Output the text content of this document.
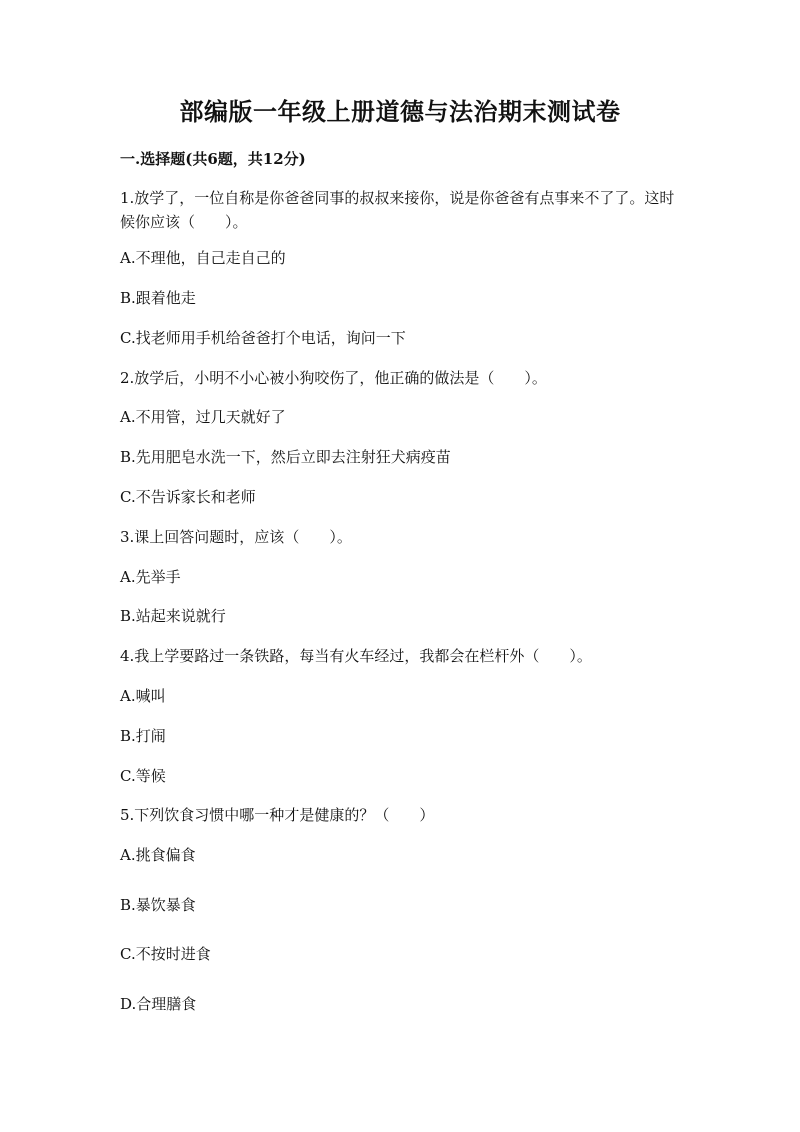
部编版一年级上册道德与法治期末测试卷
一.选择题(共6题，共12分)
1.放学了，一位自称是你爸爸同事的叔叔来接你，说是你爸爸有点事来不了了。这时候你应该（　　）。
A.不理他，自己走自己的
B.跟着他走
C.找老师用手机给爸爸打个电话，询问一下
2.放学后，小明不小心被小狗咬伤了，他正确的做法是（　　）。
A.不用管，过几天就好了
B.先用肥皂水洗一下，然后立即去注射狂犬病疫苗
C.不告诉家长和老师
3.课上回答问题时，应该（　　）。
A.先举手
B.站起来说就行
4.我上学要路过一条铁路，每当有火车经过，我都会在栏杆外（　　）。
A.喊叫
B.打闹
C.等候
5.下列饮食习惯中哪一种才是健康的？（　　）
A.挑食偏食
B.暴饮暴食
C.不按时进食
D.合理膳食
